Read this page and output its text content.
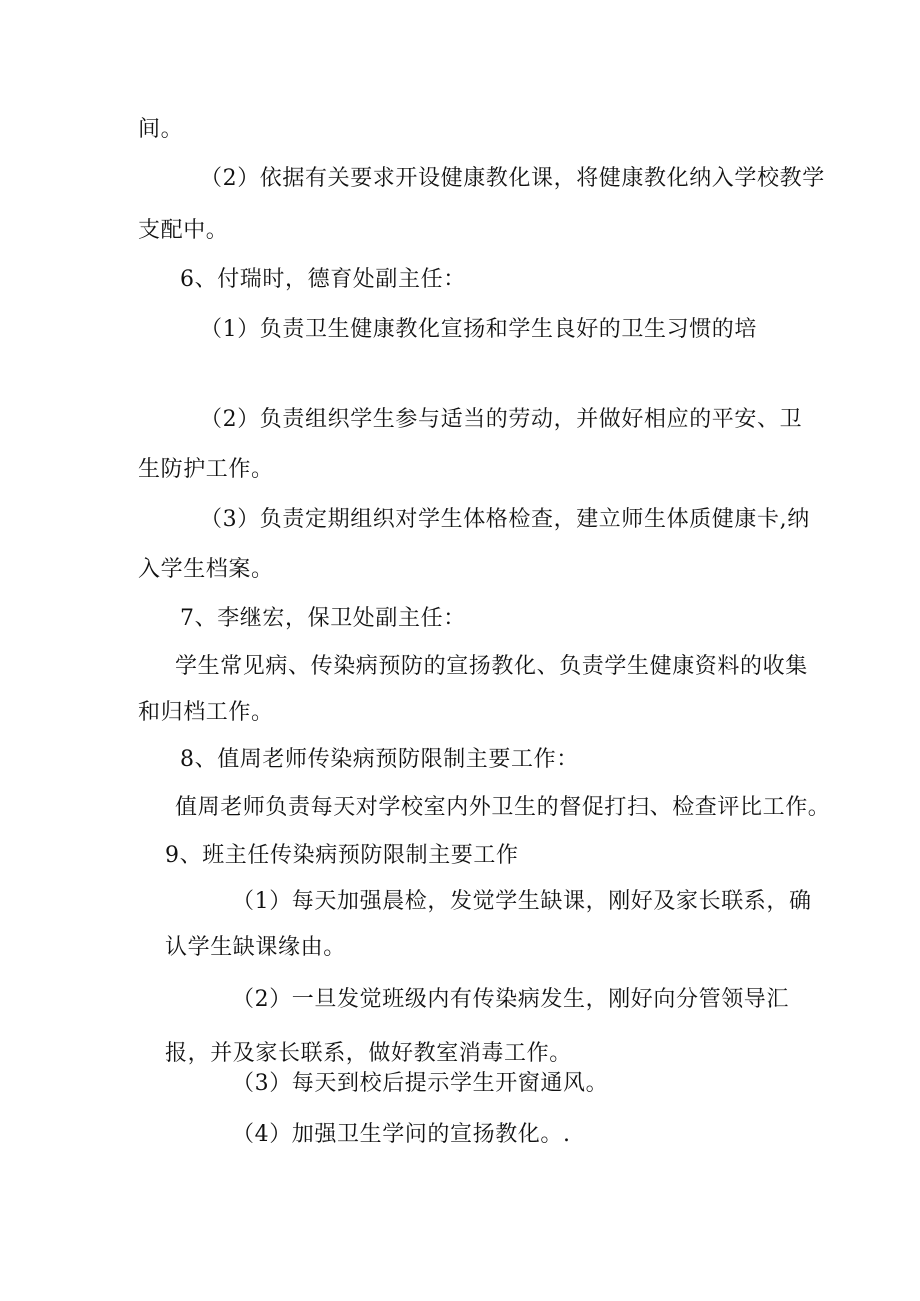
间。
（2）依据有关要求开设健康教化课，将健康教化纳入学校教学
支配中。
6、付瑞时，德育处副主任：
（1）负责卫生健康教化宣扬和学生良好的卫生习惯的培
（2）负责组织学生参与适当的劳动，并做好相应的平安、卫
生防护工作。
（3）负责定期组织对学生体格检查，建立师生体质健康卡,纳
入学生档案。
7、李继宏，保卫处副主任：
学生常见病、传染病预防的宣扬教化、负责学生健康资料的收集
和归档工作。
8、值周老师传染病预防限制主要工作：
值周老师负责每天对学校室内外卫生的督促打扫、检查评比工作。
9、班主任传染病预防限制主要工作
（1）每天加强晨检，发觉学生缺课，刚好及家长联系，确
认学生缺课缘由。
（2）一旦发觉班级内有传染病发生，刚好向分管领导汇
报，并及家长联系，做好教室消毒工作。
（3）每天到校后提示学生开窗通风。
（4）加强卫生学问的宣扬教化。.
